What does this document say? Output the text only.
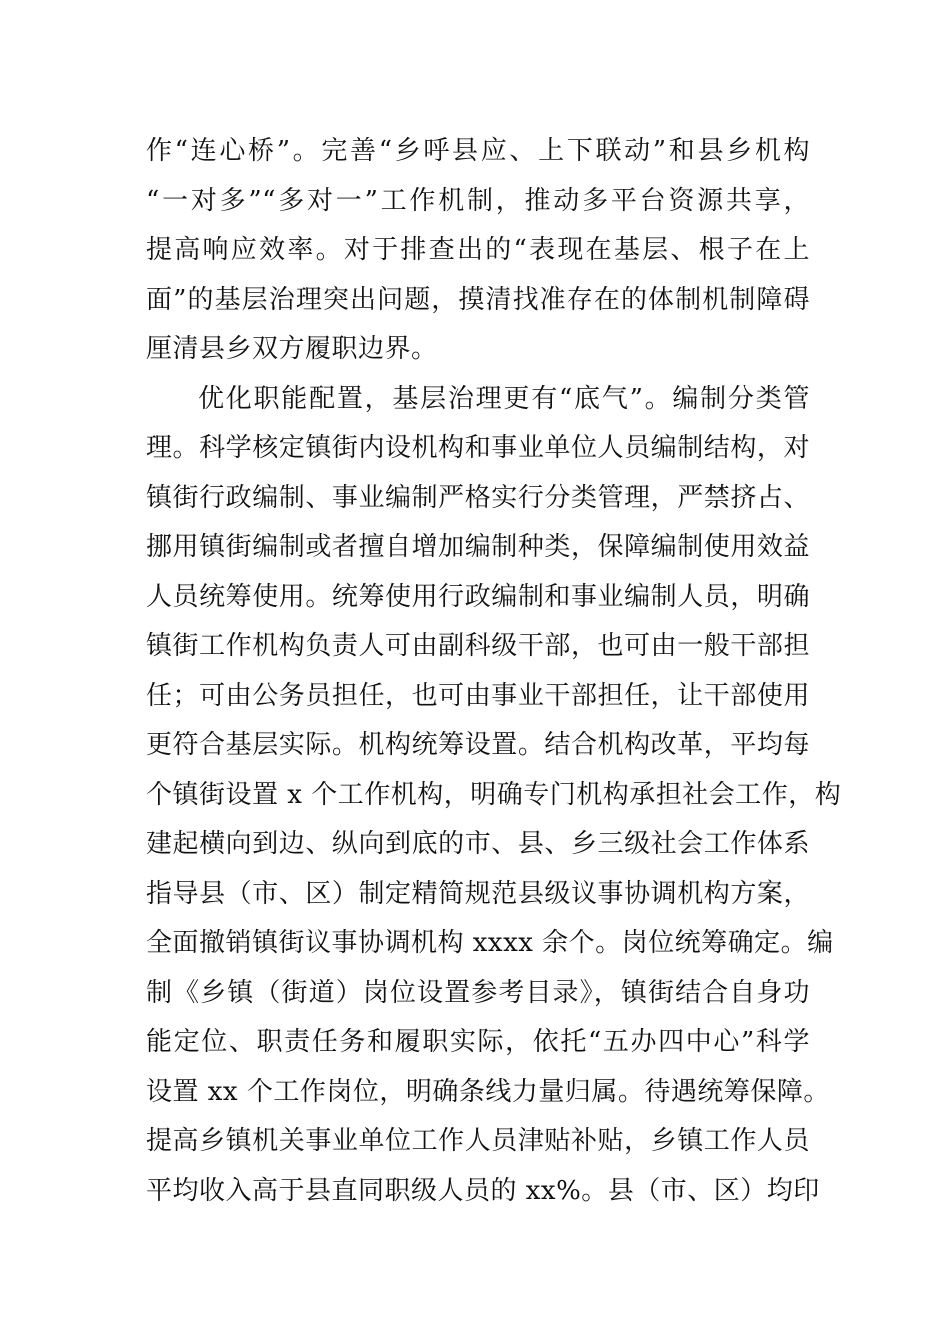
作“连心桥”。完善“乡呼县应、上下联动”和县乡机构
“一对多”“多对一”工作机制，推动多平台资源共享，
提高响应效率。对于排查出的“表现在基层、根子在上
面”的基层治理突出问题，摸清找准存在的体制机制障碍
厘清县乡双方履职边界。
优化职能配置，基层治理更有“底气”。编制分类管
理。科学核定镇街内设机构和事业单位人员编制结构，对
镇街行政编制、事业编制严格实行分类管理，严禁挤占、
挪用镇街编制或者擅自增加编制种类，保障编制使用效益
人员统筹使用。统筹使用行政编制和事业编制人员，明确
镇街工作机构负责人可由副科级干部，也可由一般干部担
任；可由公务员担任，也可由事业干部担任，让干部使用
更符合基层实际。机构统筹设置。结合机构改革，平均每
个镇街设置 x 个工作机构，明确专门机构承担社会工作，构
建起横向到边、纵向到底的市、县、乡三级社会工作体系
指导县（市、区）制定精简规范县级议事协调机构方案，
全面撤销镇街议事协调机构 xxxx 余个。岗位统筹确定。编
制《乡镇（街道）岗位设置参考目录》，镇街结合自身功
能定位、职责任务和履职实际，依托“五办四中心”科学
设置 xx 个工作岗位，明确条线力量归属。待遇统筹保障。
提高乡镇机关事业单位工作人员津贴补贴，乡镇工作人员
平均收入高于县直同职级人员的 xx%。县（市、区）均印
